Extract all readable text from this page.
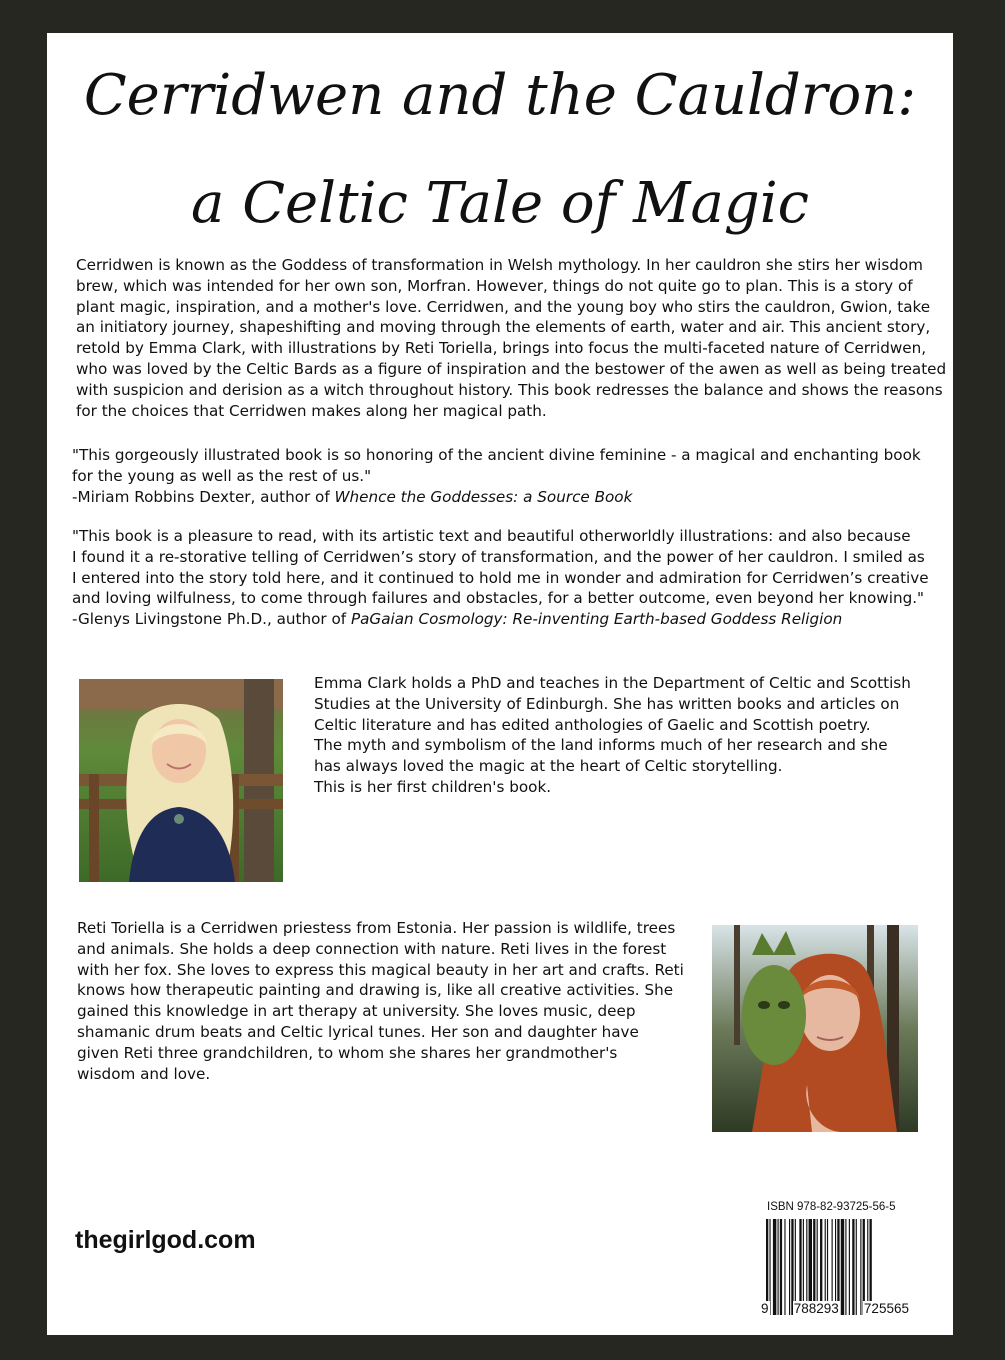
Cerridwen and the Cauldron:
a Celtic Tale of Magic
Cerridwen is known as the Goddess of transformation in Welsh mythology. In her cauldron she stirs her wisdom
brew, which was intended for her own son, Morfran. However, things do not quite go to plan. This is a story of
plant magic, inspiration, and a mother's love. Cerridwen, and the young boy who stirs the cauldron, Gwion, take
an initiatory journey, shapeshifting and moving through the elements of earth, water and air. This ancient story,
retold by Emma Clark, with illustrations by Reti Toriella, brings into focus the multi-faceted nature of Cerridwen,
who was loved by the Celtic Bards as a figure of inspiration and the bestower of the awen as well as being treated
with suspicion and derision as a witch throughout history. This book redresses the balance and shows the reasons
for the choices that Cerridwen makes along her magical path.
"This gorgeously illustrated book is so honoring of the ancient divine feminine - a magical and enchanting book
for the young as well as the rest of us."
-Miriam Robbins Dexter, author of Whence the Goddesses: a Source Book
"This book is a pleasure to read, with its artistic text and beautiful otherworldly illustrations: and also because
I found it a re-storative telling of Cerridwen’s story of transformation, and the power of her cauldron. I smiled as
I entered into the story told here, and it continued to hold me in wonder and admiration for Cerridwen’s creative
and loving wilfulness, to come through failures and obstacles, for a better outcome, even beyond her knowing."
-Glenys Livingstone Ph.D., author of PaGaian Cosmology: Re-inventing Earth-based Goddess Religion
Emma Clark holds a PhD and teaches in the Department of Celtic and Scottish
Studies at the University of Edinburgh. She has written books and articles on
Celtic literature and has edited anthologies of Gaelic and Scottish poetry.
The myth and symbolism of the land informs much of her research and she
has always loved the magic at the heart of Celtic storytelling.
This is her first children's book.
Reti Toriella is a Cerridwen priestess from Estonia. Her passion is wildlife, trees
and animals. She holds a deep connection with nature. Reti lives in the forest
with her fox. She loves to express this magical beauty in her art and crafts. Reti
knows how therapeutic painting and drawing is, like all creative activities. She
gained this knowledge in art therapy at university. She loves music, deep
shamanic drum beats and Celtic lyrical tunes. Her son and daughter have
given Reti three grandchildren, to whom she shares her grandmother's
wisdom and love.
thegirlgod.com
ISBN 978-82-93725-56-5
9 788293 725565
